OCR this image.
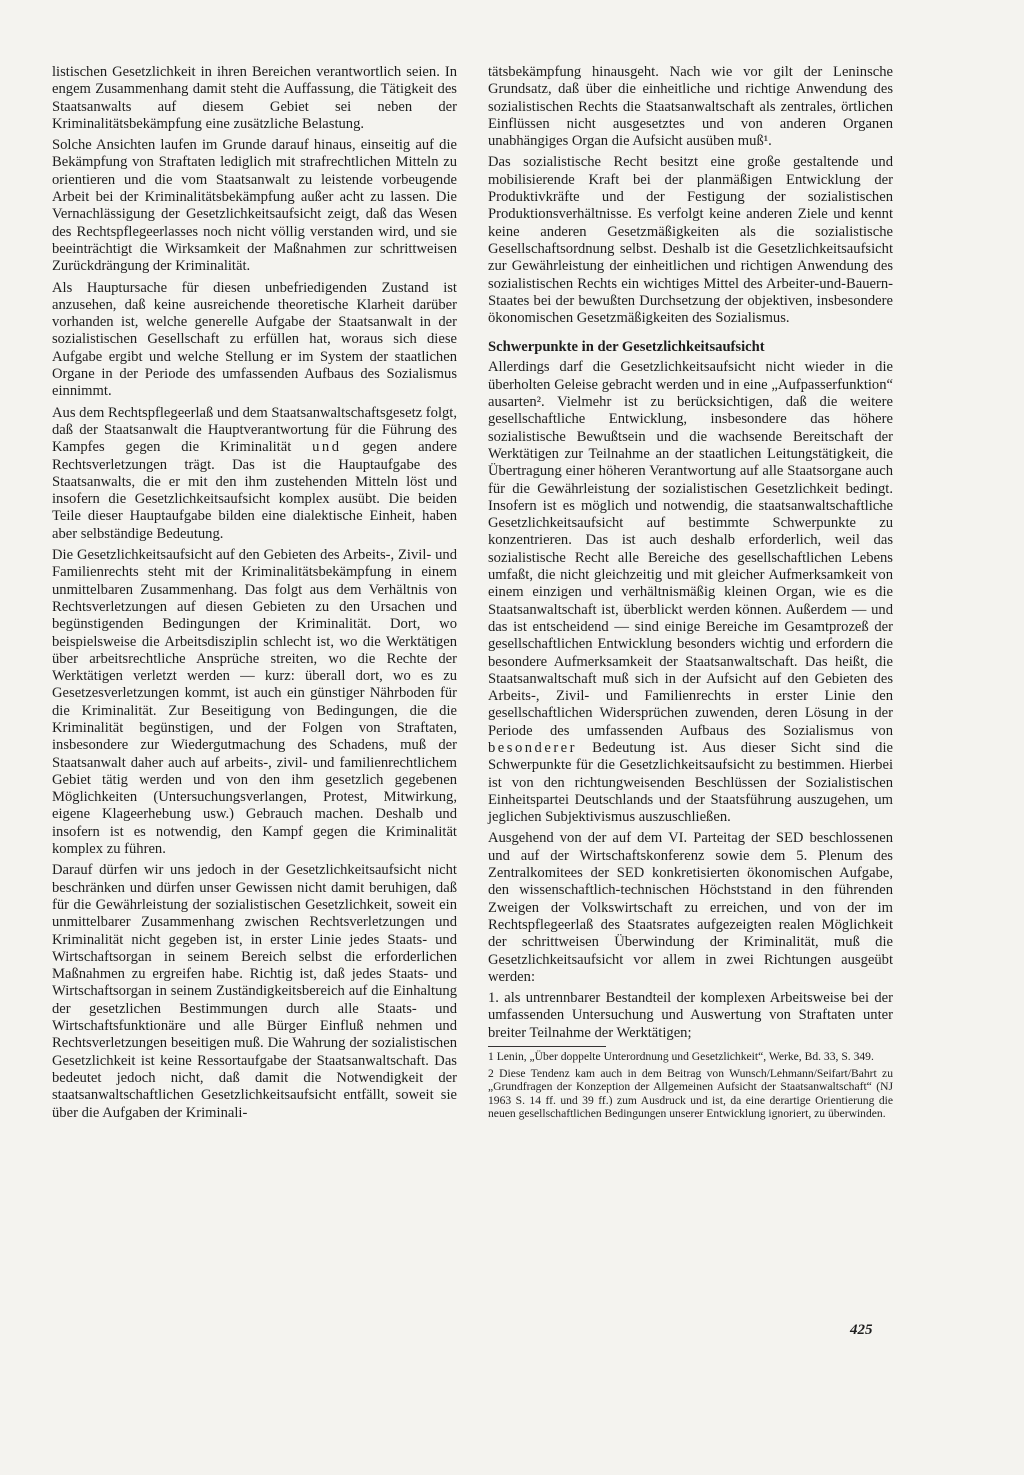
listischen Gesetzlichkeit in ihren Bereichen verantwortlich seien. In engem Zusammenhang damit steht die Auffassung, die Tätigkeit des Staatsanwalts auf diesem Gebiet sei neben der Kriminalitätsbekämpfung eine zusätzliche Belastung.

Solche Ansichten laufen im Grunde darauf hinaus, einseitig auf die Bekämpfung von Straftaten lediglich mit strafrechtlichen Mitteln zu orientieren und die vom Staatsanwalt zu leistende vorbeugende Arbeit bei der Kriminalitätsbekämpfung außer acht zu lassen. Die Vernachlässigung der Gesetzlichkeitsaufsicht zeigt, daß das Wesen des Rechtspflegeerlasses noch nicht völlig verstanden wird, und sie beeinträchtigt die Wirksamkeit der Maßnahmen zur schrittweisen Zurückdrängung der Kriminalität.

Als Hauptursache für diesen unbefriedigenden Zustand ist anzusehen, daß keine ausreichende theoretische Klarheit darüber vorhanden ist, welche generelle Aufgabe der Staatsanwalt in der sozialistischen Gesellschaft zu erfüllen hat, woraus sich diese Aufgabe ergibt und welche Stellung er im System der staatlichen Organe in der Periode des umfassenden Aufbaus des Sozialismus einnimmt.

Aus dem Rechtspflegeerlaß und dem Staatsanwaltschaftsgesetz folgt, daß der Staatsanwalt die Hauptverantwortung für die Führung des Kampfes gegen die Kriminalität und gegen andere Rechtsverletzungen trägt. Das ist die Hauptaufgabe des Staatsanwalts, die er mit den ihm zustehenden Mitteln löst und insofern die Gesetzlichkeitsaufsicht komplex ausübt. Die beiden Teile dieser Hauptaufgabe bilden eine dialektische Einheit, haben aber selbständige Bedeutung.

Die Gesetzlichkeitsaufsicht auf den Gebieten des Arbeits-, Zivil- und Familienrechts steht mit der Kriminalitätsbekämpfung in einem unmittelbaren Zusammenhang. Das folgt aus dem Verhältnis von Rechtsverletzungen auf diesen Gebieten zu den Ursachen und begünstigenden Bedingungen der Kriminalität. Dort, wo beispielsweise die Arbeitsdisziplin schlecht ist, wo die Werktätigen über arbeitsrechtliche Ansprüche streiten, wo die Rechte der Werktätigen verletzt werden — kurz: überall dort, wo es zu Gesetzesverletzungen kommt, ist auch ein günstiger Nährboden für die Kriminalität. Zur Beseitigung von Bedingungen, die die Kriminalität begünstigen, und der Folgen von Straftaten, insbesondere zur Wiedergutmachung des Schadens, muß der Staatsanwalt daher auch auf arbeits-, zivil- und familienrechtlichem Gebiet tätig werden und von den ihm gesetzlich gegebenen Möglichkeiten (Untersuchungsverlangen, Protest, Mitwirkung, eigene Klageerhebung usw.) Gebrauch machen. Deshalb und insofern ist es notwendig, den Kampf gegen die Kriminalität komplex zu führen.

Darauf dürfen wir uns jedoch in der Gesetzlichkeitsaufsicht nicht beschränken und dürfen unser Gewissen nicht damit beruhigen, daß für die Gewährleistung der sozialistischen Gesetzlichkeit, soweit ein unmittelbarer Zusammenhang zwischen Rechtsverletzungen und Kriminalität nicht gegeben ist, in erster Linie jedes Staats- und Wirtschaftsorgan in seinem Bereich selbst die erforderlichen Maßnahmen zu ergreifen habe. Richtig ist, daß jedes Staats- und Wirtschaftsorgan in seinem Zuständigkeitsbereich auf die Einhaltung der gesetzlichen Bestimmungen durch alle Staats- und Wirtschaftsfunktionäre und alle Bürger Einfluß nehmen und Rechtsverletzungen beseitigen muß. Die Wahrung der sozialistischen Gesetzlichkeit ist keine Ressortaufgabe der Staatsanwaltschaft. Das bedeutet jedoch nicht, daß damit die Notwendigkeit der staatsanwaltschaftlichen Gesetzlichkeitsaufsicht entfällt, soweit sie über die Aufgaben der Kriminali-

tätsbekämpfung hinausgeht. Nach wie vor gilt der Leninsche Grundsatz, daß über die einheitliche und richtige Anwendung des sozialistischen Rechts die Staatsanwaltschaft als zentrales, örtlichen Einflüssen nicht ausgesetztes und von anderen Organen unabhängiges Organ die Aufsicht ausüben muß¹.

Das sozialistische Recht besitzt eine große gestaltende und mobilisierende Kraft bei der planmäßigen Entwicklung der Produktivkräfte und der Festigung der sozialistischen Produktionsverhältnisse. Es verfolgt keine anderen Ziele und kennt keine anderen Gesetzmäßigkeiten als die sozialistische Gesellschaftsordnung selbst. Deshalb ist die Gesetzlichkeitsaufsicht zur Gewährleistung der einheitlichen und richtigen Anwendung des sozialistischen Rechts ein wichtiges Mittel des Arbeiter-und-Bauern-Staates bei der bewußten Durchsetzung der objektiven, insbesondere ökonomischen Gesetzmäßigkeiten des Sozialismus.

Schwerpunkte in der Gesetzlichkeitsaufsicht

Allerdings darf die Gesetzlichkeitsaufsicht nicht wieder in die überholten Geleise gebracht werden und in eine „Aufpasserfunktion“ ausarten². Vielmehr ist zu berücksichtigen, daß die weitere gesellschaftliche Entwicklung, insbesondere das höhere sozialistische Bewußtsein und die wachsende Bereitschaft der Werktätigen zur Teilnahme an der staatlichen Leitungstätigkeit, die Übertragung einer höheren Verantwortung auf alle Staatsorgane auch für die Gewährleistung der sozialistischen Gesetzlichkeit bedingt. Insofern ist es möglich und notwendig, die staatsanwaltschaftliche Gesetzlichkeitsaufsicht auf bestimmte Schwerpunkte zu konzentrieren. Das ist auch deshalb erforderlich, weil das sozialistische Recht alle Bereiche des gesellschaftlichen Lebens umfaßt, die nicht gleichzeitig und mit gleicher Aufmerksamkeit von einem einzigen und verhältnismäßig kleinen Organ, wie es die Staatsanwaltschaft ist, überblickt werden können. Außerdem — und das ist entscheidend — sind einige Bereiche im Gesamtprozeß der gesellschaftlichen Entwicklung besonders wichtig und erfordern die besondere Aufmerksamkeit der Staatsanwaltschaft. Das heißt, die Staatsanwaltschaft muß sich in der Aufsicht auf den Gebieten des Arbeits-, Zivil- und Familienrechts in erster Linie den gesellschaftlichen Widersprüchen zuwenden, deren Lösung in der Periode des umfassenden Aufbaus des Sozialismus von besonderer Bedeutung ist. Aus dieser Sicht sind die Schwerpunkte für die Gesetzlichkeitsaufsicht zu bestimmen. Hierbei ist von den richtungweisenden Beschlüssen der Sozialistischen Einheitspartei Deutschlands und der Staatsführung auszugehen, um jeglichen Subjektivismus auszuschließen.

Ausgehend von der auf dem VI. Parteitag der SED beschlossenen und auf der Wirtschaftskonferenz sowie dem 5. Plenum des Zentralkomitees der SED konkretisierten ökonomischen Aufgabe, den wissenschaftlich-technischen Höchststand in den führenden Zweigen der Volkswirtschaft zu erreichen, und von der im Rechtspflegeerlaß des Staatsrates aufgezeigten realen Möglichkeit der schrittweisen Überwindung der Kriminalität, muß die Gesetzlichkeitsaufsicht vor allem in zwei Richtungen ausgeübt werden:

1. als untrennbarer Bestandteil der komplexen Arbeitsweise bei der umfassenden Untersuchung und Auswertung von Straftaten unter breiter Teilnahme der Werktätigen;

1 Lenin, „Über doppelte Unterordnung und Gesetzlichkeit“, Werke, Bd. 33, S. 349.

2 Diese Tendenz kam auch in dem Beitrag von Wunsch/Lehmann/Seifart/Bahrt zu „Grundfragen der Konzeption der Allgemeinen Aufsicht der Staatsanwaltschaft“ (NJ 1963 S. 14 ff. und 39 ff.) zum Ausdruck und ist, da eine derartige Orientierung die neuen gesellschaftlichen Bedingungen unserer Entwicklung ignoriert, zu überwinden.

425
